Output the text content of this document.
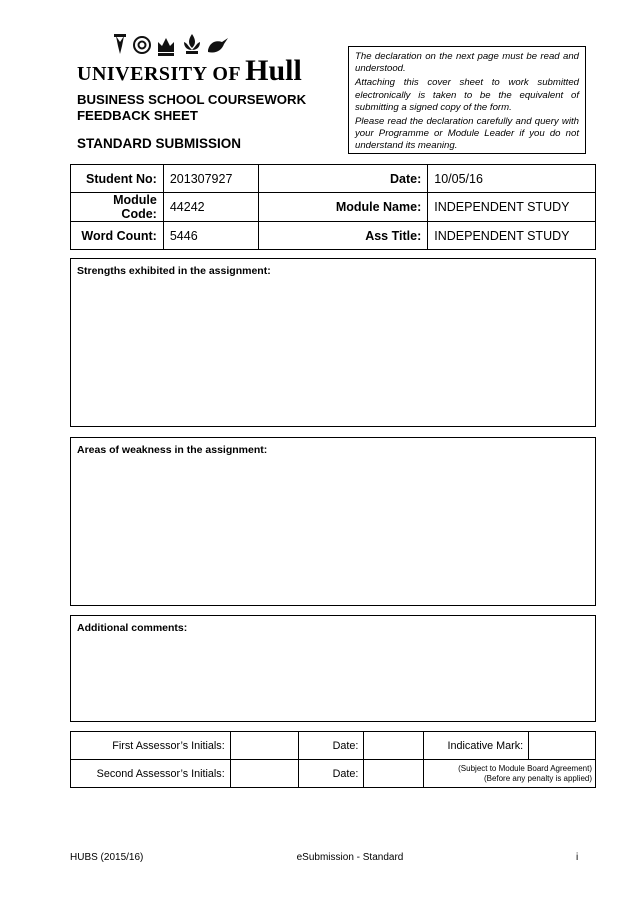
UNIVERSITY OF Hull
BUSINESS SCHOOL COURSEWORK
FEEDBACK SHEET
STANDARD SUBMISSION

The declaration on the next page must be read and understood.

Attaching this cover sheet to work submitted electronically is taken to be the equivalent of submitting a signed copy of the form.

Please read the declaration carefully and query with your Programme or Module Leader if you do not understand its meaning.

Student No:	201307927	Date:	10/05/16
Module Code:	44242	Module Name:	INDEPENDENT STUDY
Word Count:	5446	Ass Title:	INDEPENDENT STUDY
Strengths exhibited in the assignment:
Areas of weakness in the assignment:
Additional comments:
First Assessor’s Initials:		Date:		Indicative Mark:	
Second Assessor’s Initials:		Date:		(Subject to Module Board Agreement)
(Before any penalty is applied)	
HUBS (2015/16)	eSubmission - Standard	i
